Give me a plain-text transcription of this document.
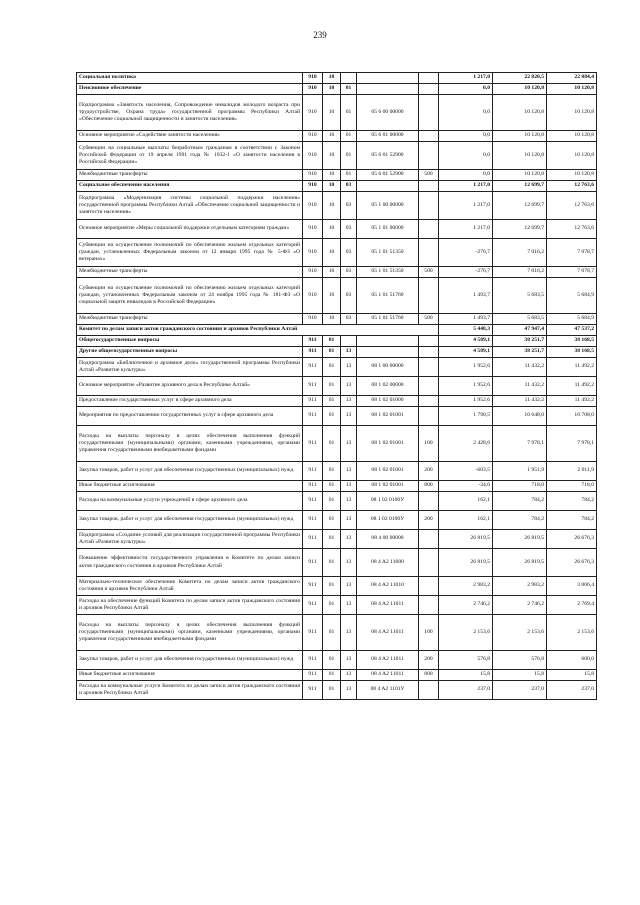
239
Социальная политика	910	10				1 217,0	22 820,5	22 884,4
Пенсионное обеспечение	910	10	01			0,0	10 120,8	10 120,8
Подпрограмма «Занятость населения, Сопровождение инвалидов молодого возраста при трудоустройстве, Охрана труда» государственной программы Республики Алтай «Обеспечение социальной защищенности и занятости населения»	910	10	01	05 6 00 00000		0,0	10 120,8	10 120,8
Основное мероприятие «Содействие занятости населения»	910	10	01	05 6 01 00000		0,0	10 120,8	10 120,8
Субвенции на социальные выплаты безработным гражданам в соответствии с Законом Российской Федерации от 19 апреля 1991 года № 1032-1 «О занятости населения в Российской Федерации»	910	10	01	05 6 01 52900		0,0	10 120,8	10 120,8
Межбюджетные трансферты	910	10	01	05 6 01 52900	500	0,0	10 120,8	10 120,8
Социальное обеспечение населения	910	10	03			1 217,0	12 699,7	12 763,6
Подпрограмма «Модернизация системы социальной поддержки населения» государственной программы Республики Алтай «Обеспечение социальной защищенности и занятости населения»	910	10	03	05 1 00 00000		1 217,0	12 699,7	12 763,6
Основное мероприятие «Меры социальной поддержки отдельным категориям граждан»	910	10	03	05 1 01 00000		1 217,0	12 699,7	12 763,6
Субвенции на осуществление полномочий по обеспечению жильем отдельных категорий граждан, установленных Федеральным законом от 12 января 1995 года № 5-ФЗ «О ветеранах»	910	10	03	05 1 01 51350		-276,7	7 016,2	7 078,7
Межбюджетные трансферты	910	10	03	05 1 01 51350	500	-276,7	7 016,2	7 078,7
Субвенции на осуществление полномочий по обеспечению жильем отдельных категорий граждан, установленных Федеральным законом от 24 ноября 1995 года № 181-ФЗ «О социальной защите инвалидов в Российской Федерации»	910	10	03	05 1 01 51760		1 493,7	5 683,5	5 684,9
Межбюджетные трансферты	910	10	03	05 1 01 51760	500	1 493,7	5 683,5	5 684,9
Комитет по делам записи актов гражданского состояния и архивов Республики Алтай						5 448,3	47 947,4	47 537,2
Общегосударственные вопросы	911	01				4 589,1	38 251,7	38 168,5
Другие общегосударственные вопросы	911	01	13			4 589,1	38 251,7	38 168,5
Подпрограмма «Библиотечное и архивное дело» государственной программы Республики Алтай «Развитие культуры»	911	01	13	08 1 00 00000		1 952,6	11 432,2	11 492,2
Основное мероприятие «Развитие архивного дела в Республике Алтай»	911	01	13	08 1 02 00000		1 952,6	11 432,2	11 492,2
Предоставление государственных услуг в сфере архивного дела	911	01	13	08 1 02 01000		1 952,6	11 432,2	11 492,2
Мероприятия по предоставлению государственных услуг в сфере архивного дела	911	01	13	08 1 02 01001		1 790,5	10 648,0	10 708,0
Расходы на выплаты персоналу в целях обеспечения выполнения функций государственными (муниципальными) органами, казенными учреждениями, органами управления государственными внебюджетными фондами	911	01	13	08 1 02 01001	100	2 428,6	7 978,1	7 978,1
Закупка товаров, работ и услуг для обеспечения государственных (муниципальных) нужд	911	01	13	08 1 02 01001	200	-603,5	1 951,9	2 011,9
Иные бюджетные ассигнования	911	01	13	08 1 02 01001	800	-34,6	718,0	718,0
Расходы на коммунальные услуги учреждений в сфере архивного дела	911	01	13	08 1 02 0100У		162,1	784,2	784,2
Закупка товаров, работ и услуг для обеспечения государственных (муниципальных) нужд	911	01	13	08 1 02 0100У	200	162,1	784,2	784,2
Подпрограмма «Создание условий для реализации государственной программы Республики Алтай «Развитие культуры»	911	01	13	08 4 00 00000		26 819,5	26 819,5	26 676,3
Повышение эффективности государственного управления в Комитете по делам записи актов гражданского состояния и архивов Республики Алтай	911	01	13	08 4 A2 11000		26 819,5	26 819,5	26 676,3
Материально-техническое обеспечение Комитета по делам записи актов гражданского состояния и архивов Республики Алтай	911	01	13	08 4 A2 11010		2 983,2	2 983,2	3 006,4
Расходы на обеспечение функций Комитета по делам записи актов гражданского состояния и архивов Республики Алтай	911	01	13	08 4 A2 11011		2 746,2	2 746,2	2 769,4
Расходы на выплаты персоналу в целях обеспечения выполнения функций государственными (муниципальными) органами, казенными учреждениями, органами управления государственными внебюджетными фондами	911	01	13	08 4 A2 11011	100	2 153,6	2 153,6	2 153,6
Закупка товаров, работ и услуг для обеспечения государственных (муниципальных) нужд	911	01	13	08 4 A2 11011	200	576,8	576,8	600,0
Иные бюджетные ассигнования	911	01	13	08 4 A2 11011	800	15,8	15,8	15,8
Расходы на коммунальные услуги Комитета по делам записи актов гражданского состояния и архивов Республики Алтай	911	01	13	08 4 A2 1101У		237,0	237,0	237,0
